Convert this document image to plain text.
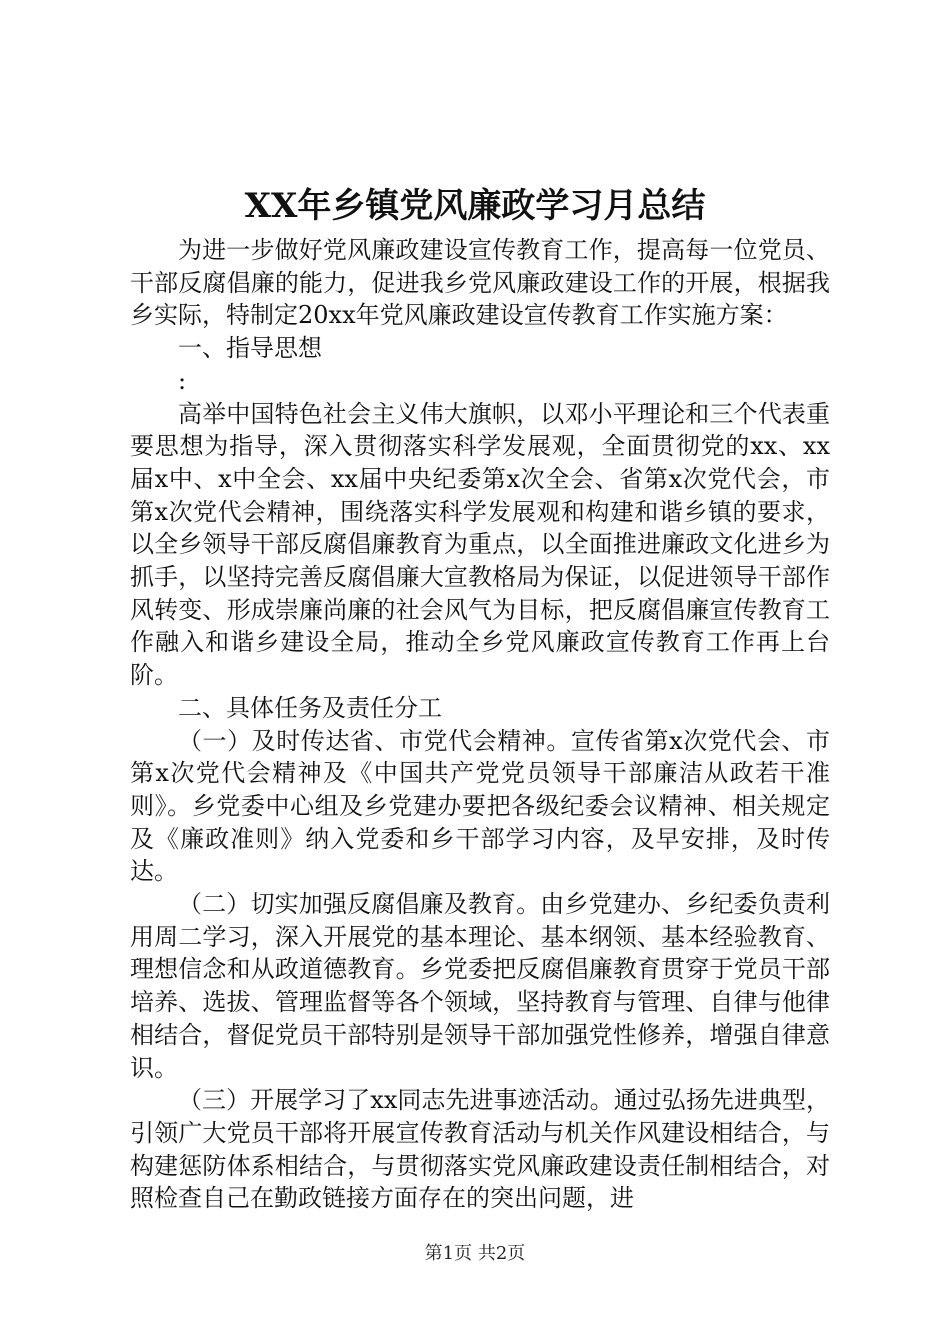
XX年乡镇党风廉政学习月总结

为进一步做好党风廉政建设宣传教育工作，提高每一位党员、干部反腐倡廉的能力，促进我乡党风廉政建设工作的开展，根据我乡实际，特制定20xx年党风廉政建设宣传教育工作实施方案：

一、指导思想

:

高举中国特色社会主义伟大旗帜，以邓小平理论和三个代表重要思想为指导，深入贯彻落实科学发展观，全面贯彻党的xx、xx届x中、x中全会、xx届中央纪委第x次全会、省第x次党代会，市第x次党代会精神，围绕落实科学发展观和构建和谐乡镇的要求，以全乡领导干部反腐倡廉教育为重点，以全面推进廉政文化进乡为抓手，以坚持完善反腐倡廉大宣教格局为保证，以促进领导干部作风转变、形成崇廉尚廉的社会风气为目标，把反腐倡廉宣传教育工作融入和谐乡建设全局，推动全乡党风廉政宣传教育工作再上台阶。

二、具体任务及责任分工

（一）及时传达省、市党代会精神。宣传省第x次党代会、市第x次党代会精神及《中国共产党党员领导干部廉洁从政若干准则》。乡党委中心组及乡党建办要把各级纪委会议精神、相关规定及《廉政准则》纳入党委和乡干部学习内容，及早安排，及时传达。

（二）切实加强反腐倡廉及教育。由乡党建办、乡纪委负责利用周二学习，深入开展党的基本理论、基本纲领、基本经验教育、理想信念和从政道德教育。乡党委把反腐倡廉教育贯穿于党员干部培养、选拔、管理监督等各个领域，坚持教育与管理、自律与他律相结合，督促党员干部特别是领导干部加强党性修养，增强自律意识。

（三）开展学习了xx同志先进事迹活动。通过弘扬先进典型，引领广大党员干部将开展宣传教育活动与机关作风建设相结合，与构建惩防体系相结合，与贯彻落实党风廉政建设责任制相结合，对照检查自己在勤政链接方面存在的突出问题，进

第1页 共2页
